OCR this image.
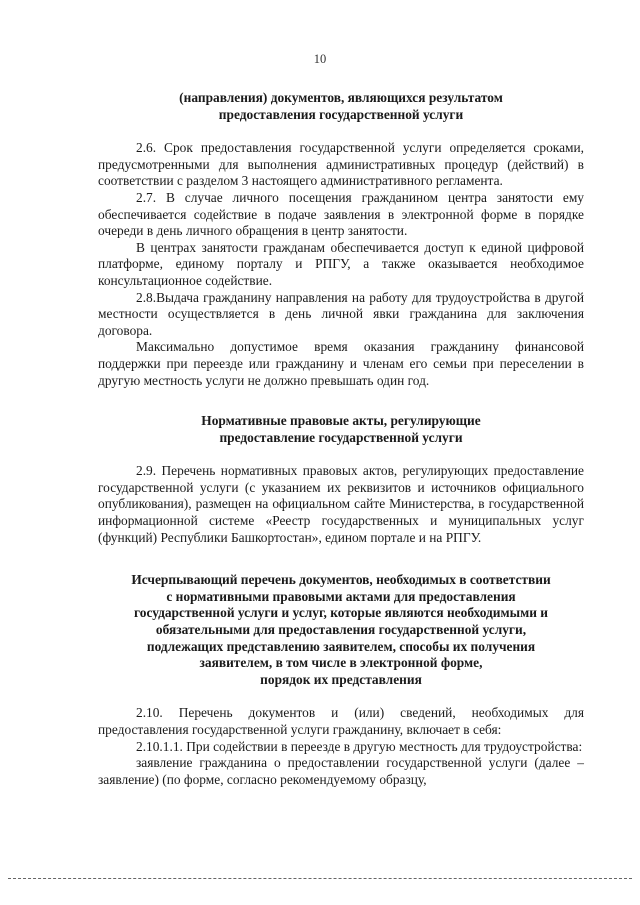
10
(направления) документов, являющихся результатом
предоставления государственной услуги

2.6. Срок предоставления государственной услуги определяется сроками, предусмотренными для выполнения административных процедур (действий) в соответствии с разделом 3 настоящего административного регламента.

2.7. В случае личного посещения гражданином центра занятости ему обеспечивается содействие в подаче заявления в электронной форме в порядке очереди в день личного обращения в центр занятости.

В центрах занятости гражданам обеспечивается доступ к единой цифровой платформе, единому порталу и РПГУ, а также оказывается необходимое консультационное содействие.

2.8.Выдача гражданину направления на работу для трудоустройства в другой местности осуществляется в день личной явки гражданина для заключения договора.

Максимально допустимое время оказания гражданину финансовой поддержки при переезде или гражданину и членам его семьи при переселении в другую местность услуги не должно превышать один год.

Нормативные правовые акты, регулирующие
предоставление государственной услуги

2.9. Перечень нормативных правовых актов, регулирующих предоставление государственной услуги (с указанием их реквизитов и источников официального опубликования), размещен на официальном сайте Министерства, в государственной информационной системе «Реестр государственных и муниципальных услуг (функций) Республики Башкортостан», едином портале и на РПГУ.

Исчерпывающий перечень документов, необходимых в соответствии
с нормативными правовыми актами для предоставления
государственной услуги и услуг, которые являются необходимыми и
обязательными для предоставления государственной услуги,
подлежащих представлению заявителем, способы их получения
заявителем, в том числе в электронной форме,
порядок их представления

2.10. Перечень документов и (или) сведений, необходимых для предоставления государственной услуги гражданину, включает в себя:

2.10.1.1. При содействии в переезде в другую местность для трудоустройства:

заявление гражданина о предоставлении государственной услуги (далее – заявление) (по форме, согласно рекомендуемому образцу,
